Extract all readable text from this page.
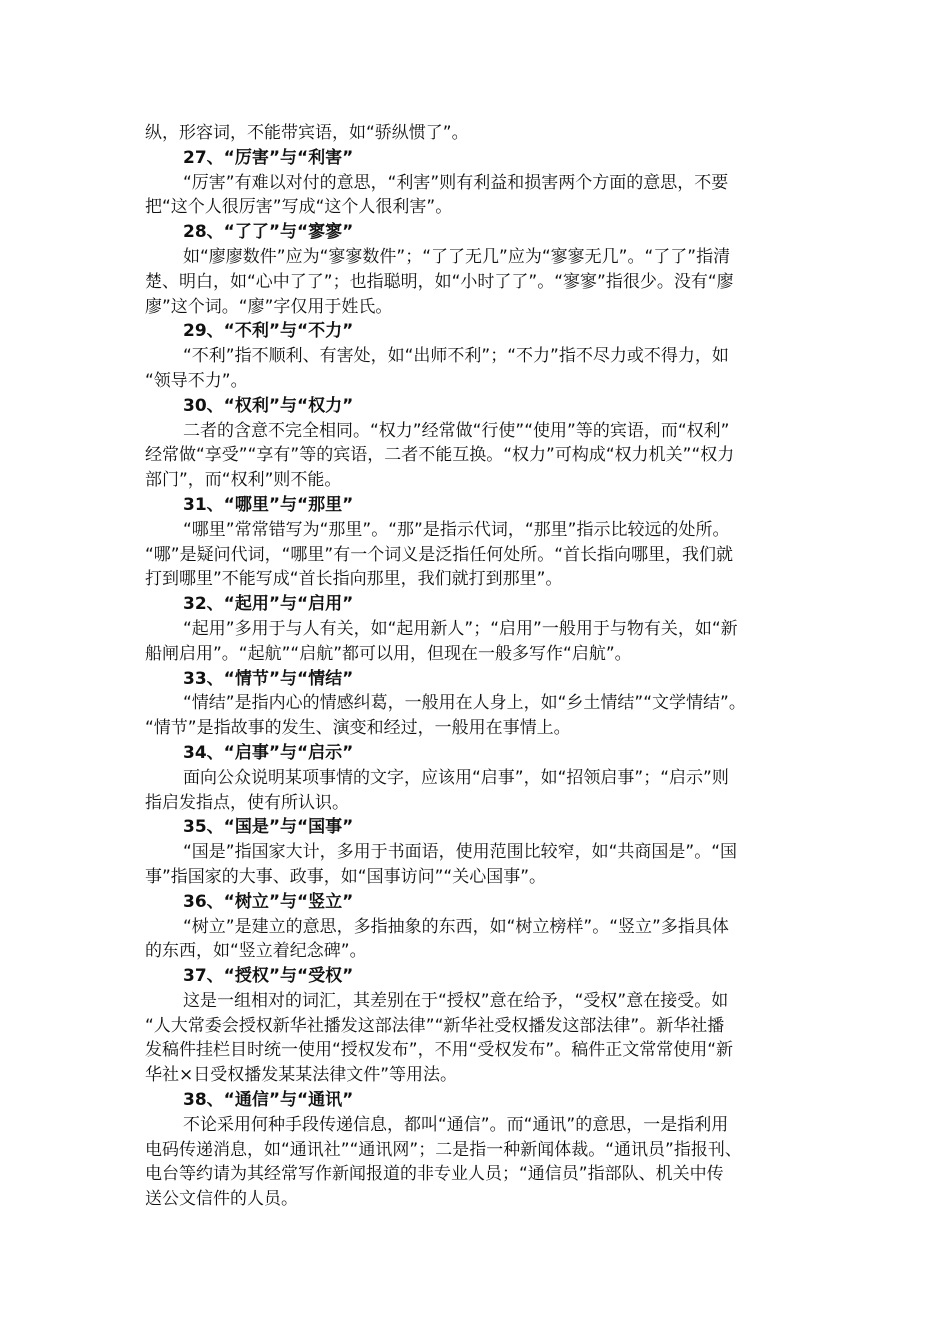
纵，形容词，不能带宾语，如“骄纵惯了”。
27、“厉害”与“利害”
“厉害”有难以对付的意思，“利害”则有利益和损害两个方面的意思，不要
把“这个人很厉害”写成“这个人很利害”。
28、“了了”与“寥寥”
如“廖廖数件”应为“寥寥数件”；“了了无几”应为“寥寥无几”。“了了”指清
楚、明白，如“心中了了”；也指聪明，如“小时了了”。“寥寥”指很少。没有“廖
廖”这个词。“廖”字仅用于姓氏。
29、“不利”与“不力”
“不利”指不顺利、有害处，如“出师不利”；“不力”指不尽力或不得力，如
“领导不力”。
30、“权利”与“权力”
二者的含意不完全相同。“权力”经常做“行使”“使用”等的宾语，而“权利”
经常做“享受”“享有”等的宾语，二者不能互换。“权力”可构成“权力机关”“权力
部门”，而“权利”则不能。
31、“哪里”与“那里”
“哪里”常常错写为“那里”。“那”是指示代词，“那里”指示比较远的处所。
“哪”是疑问代词，“哪里”有一个词义是泛指任何处所。“首长指向哪里，我们就
打到哪里”不能写成“首长指向那里，我们就打到那里”。
32、“起用”与“启用”
“起用”多用于与人有关，如“起用新人”；“启用”一般用于与物有关，如“新
船闸启用”。“起航”“启航”都可以用，但现在一般多写作“启航”。
33、“情节”与“情结”
“情结”是指内心的情感纠葛，一般用在人身上，如“乡土情结”“文学情结”。
“情节”是指故事的发生、演变和经过，一般用在事情上。
34、“启事”与“启示”
面向公众说明某项事情的文字，应该用“启事”，如“招领启事”；“启示”则
指启发指点，使有所认识。
35、“国是”与“国事”
“国是”指国家大计，多用于书面语，使用范围比较窄，如“共商国是”。“国
事”指国家的大事、政事，如“国事访问”“关心国事”。
36、“树立”与“竖立”
“树立”是建立的意思，多指抽象的东西，如“树立榜样”。“竖立”多指具体
的东西，如“竖立着纪念碑”。
37、“授权”与“受权”
这是一组相对的词汇，其差别在于“授权”意在给予，“受权”意在接受。如
“人大常委会授权新华社播发这部法律”“新华社受权播发这部法律”。新华社播
发稿件挂栏目时统一使用“授权发布”，不用“受权发布”。稿件正文常常使用“新
华社×日受权播发某某法律文件”等用法。
38、“通信”与“通讯”
不论采用何种手段传递信息，都叫“通信”。而“通讯”的意思，一是指利用
电码传递消息，如“通讯社”“通讯网”；二是指一种新闻体裁。“通讯员”指报刊、
电台等约请为其经常写作新闻报道的非专业人员；“通信员”指部队、机关中传
送公文信件的人员。
